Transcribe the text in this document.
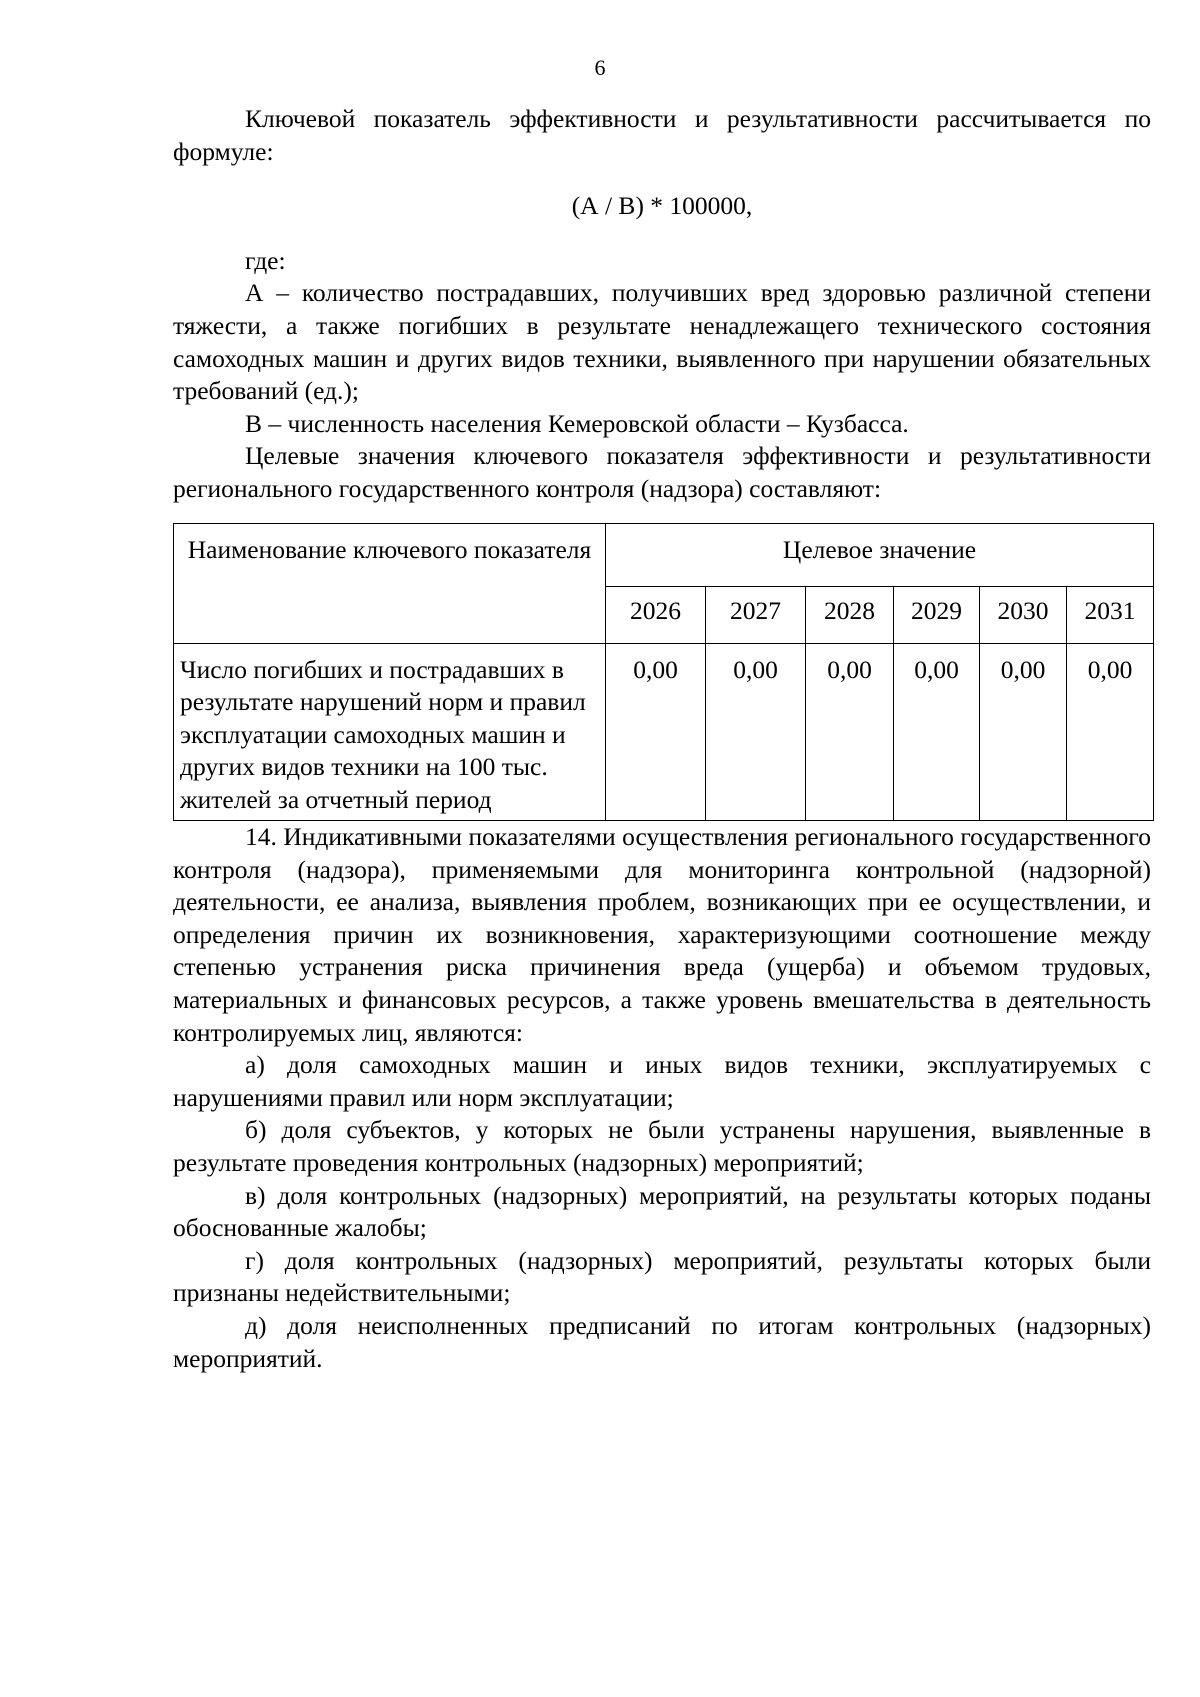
6

Ключевой показатель эффективности и результативности рассчитывается по формуле:

(А / В) * 100000,

где:

А – количество пострадавших, получивших вред здоровью различной степени тяжести, а также погибших в результате ненадлежащего технического состояния самоходных машин и других видов техники, выявленного при нарушении обязательных требований (ед.);

В – численность населения Кемеровской области – Кузбасса.

Целевые значения ключевого показателя эффективности и результативности регионального государственного контроля (надзора) составляют:

Наименование ключевого показателя	Целевое значение					
	2026	2027	2028	2029	2030	2031
Число погибших и пострадавших в результате нарушений норм и правил эксплуатации самоходных машин и других видов техники на 100 тыс. жителей за отчетный период	0,00	0,00	0,00	0,00	0,00	0,00

14. Индикативными показателями осуществления регионального государственного контроля (надзора), применяемыми для мониторинга контрольной (надзорной) деятельности, ее анализа, выявления проблем, возникающих при ее осуществлении, и определения причин их возникновения, характеризующими соотношение между степенью устранения риска причинения вреда (ущерба) и объемом трудовых, материальных и финансовых ресурсов, а также уровень вмешательства в деятельность контролируемых лиц, являются:

а) доля самоходных машин и иных видов техники, эксплуатируемых с нарушениями правил или норм эксплуатации;

б) доля субъектов, у которых не были устранены нарушения, выявленные в результате проведения контрольных (надзорных) мероприятий;

в) доля контрольных (надзорных) мероприятий, на результаты которых поданы обоснованные жалобы;

г) доля контрольных (надзорных) мероприятий, результаты которых были признаны недействительными;

д) доля неисполненных предписаний по итогам контрольных (надзорных) мероприятий.
